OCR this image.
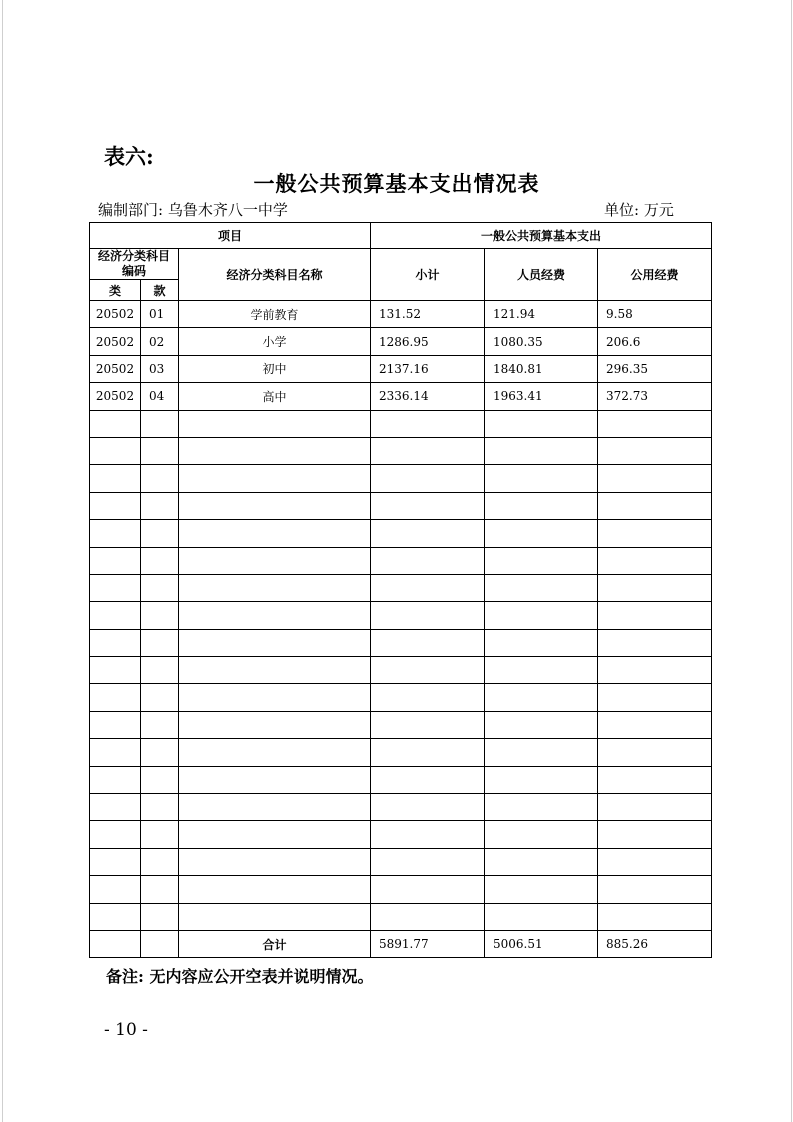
表六:
一般公共预算基本支出情况表
编制部门: 乌鲁木齐八一中学	单位: 万元
项目			一般公共预算基本支出		
经济分类科目编码		经济分类科目名称	小计	人员经费	公用经费
类	款				
20502	01	学前教育	131.52	121.94	9.58
20502	02	小学	1286.95	1080.35	206.6
20502	03	初中	2137.16	1840.81	296.35
20502	04	高中	2336.14	1963.41	372.73

		合计	5891.77	5006.51	885.26
备注: 无内容应公开空表并说明情况。
- 10 -
